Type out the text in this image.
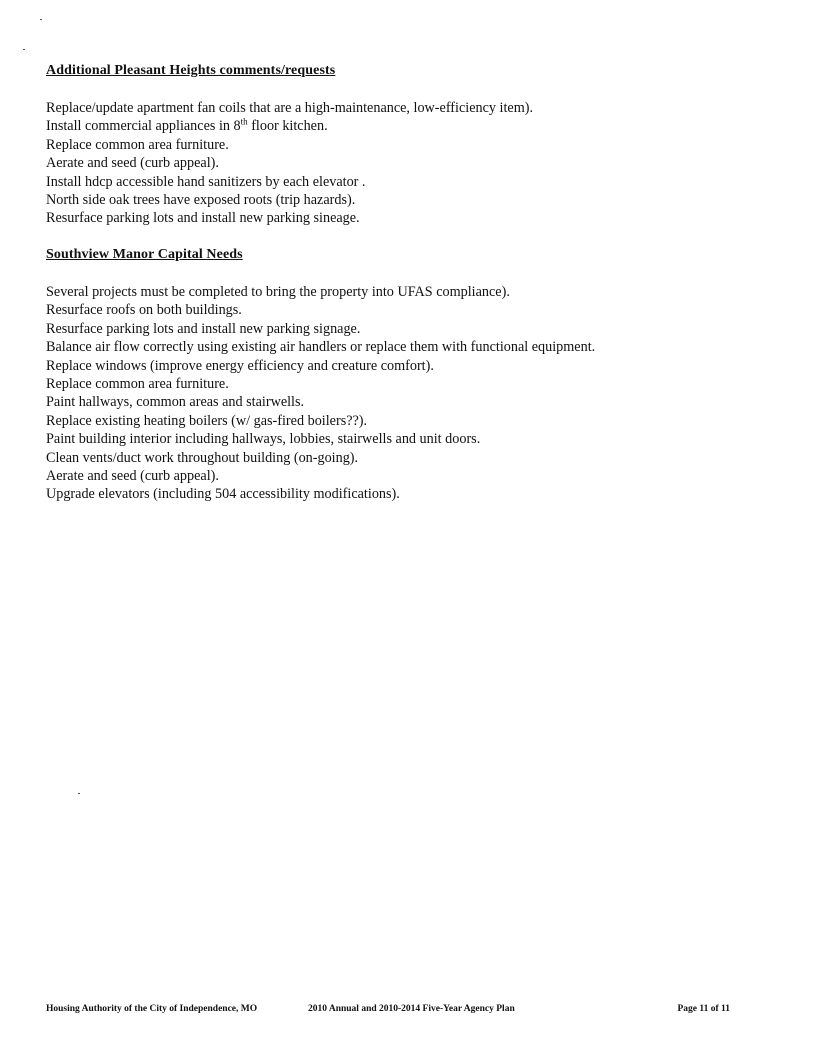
Additional Pleasant Heights comments/requests
Replace/update apartment fan coils that are a high-maintenance, low-efficiency item).
Install commercial appliances in 8th floor kitchen.
Replace common area furniture.
Aerate and seed (curb appeal).
Install hdcp accessible hand sanitizers by each elevator .
North side oak trees have exposed roots (trip hazards).
Resurface parking lots and install new parking sineage.
Southview Manor Capital Needs
Several projects must be completed to bring the property into UFAS compliance).
Resurface roofs on both buildings.
Resurface parking lots and install new parking signage.
Balance air flow correctly using existing air handlers or replace them with functional equipment.
Replace windows (improve energy efficiency and creature comfort).
Replace common area furniture.
Paint hallways, common areas and stairwells.
Replace existing heating boilers (w/ gas-fired boilers??).
Paint building interior including hallways, lobbies, stairwells and unit doors.
Clean vents/duct work throughout building (on-going).
Aerate and seed (curb appeal).
Upgrade elevators (including 504 accessibility modifications).
Housing Authority of the City of Independence, MO	2010 Annual and 2010-2014 Five-Year Agency Plan	Page 11 of 11
